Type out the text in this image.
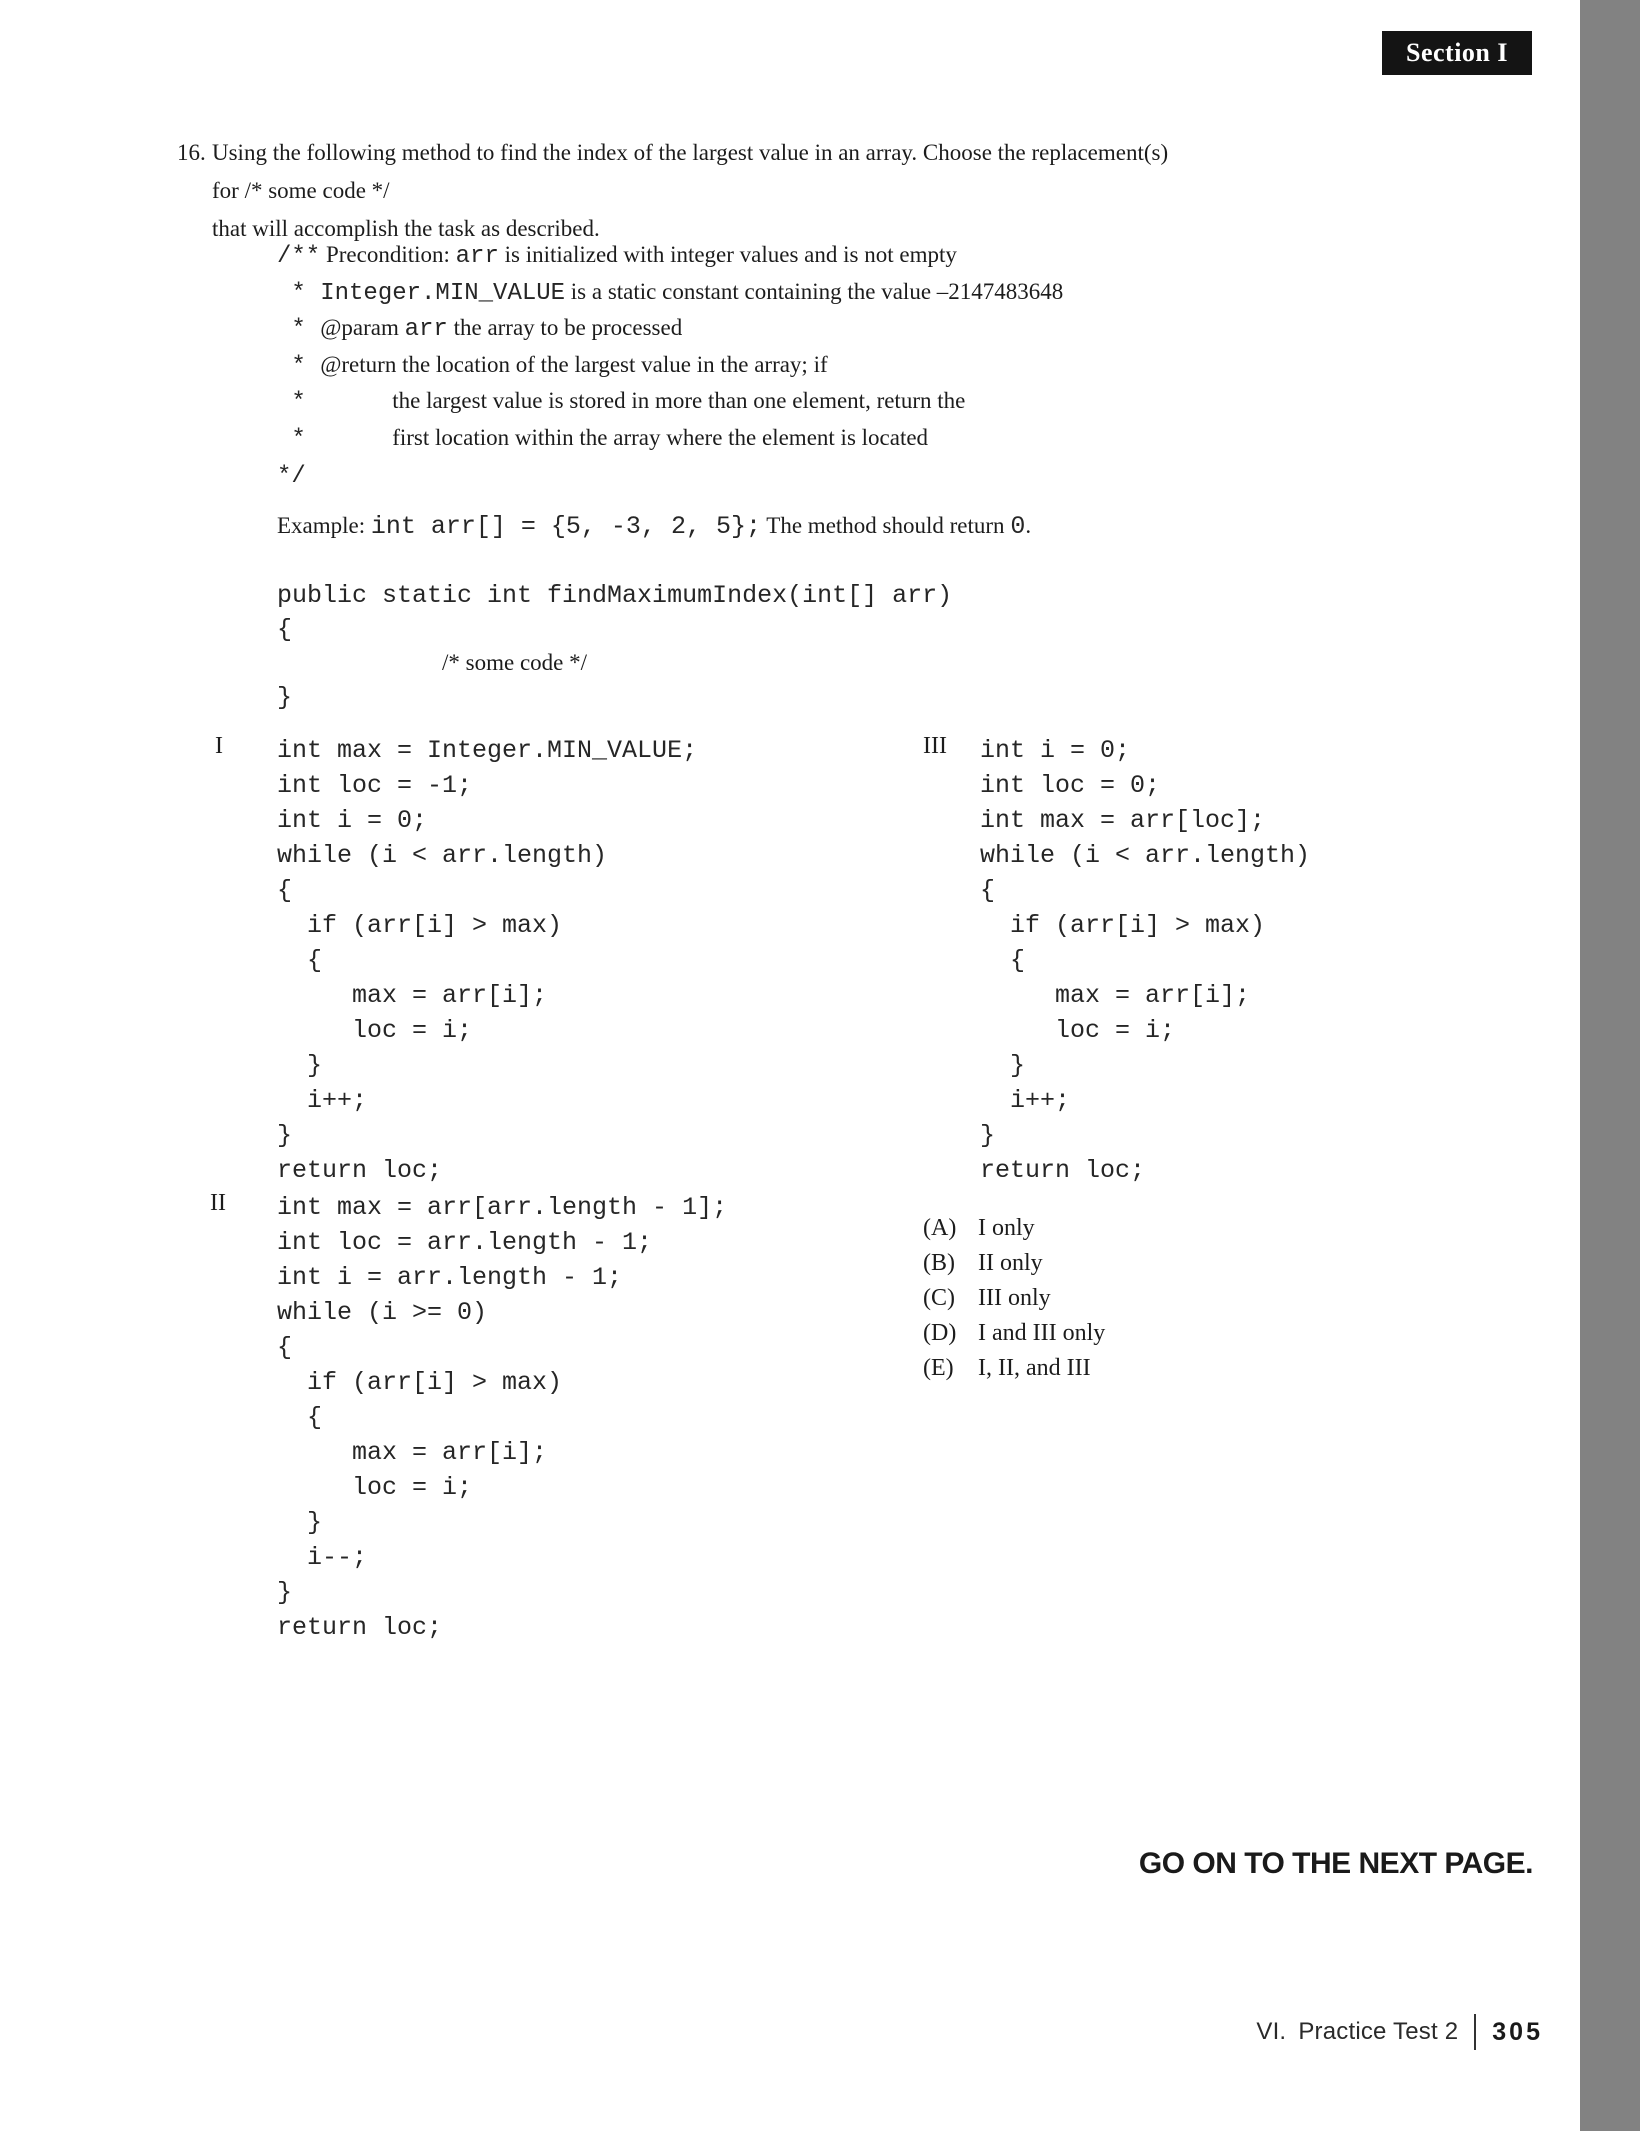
Section I
16. Using the following method to find the index of the largest value in an array. Choose the replacement(s) for /* some code */
that will accomplish the task as described.
/** Precondition: arr is initialized with integer values and is not empty
* Integer.MIN_VALUE is a static constant containing the value –2147483648
* @param arr the array to be processed
* @return the location of the largest value in the array; if
*      the largest value is stored in more than one element, return the
*      first location within the array where the element is located
*/
Example: int arr[] = {5, -3, 2, 5}; The method should return 0.
public static int findMaximumIndex(int[] arr)
{
/* some code */
}
I int max = Integer.MIN_VALUE;
int loc = -1;
int i = 0;
while (i < arr.length)
{
if (arr[i] > max)
{
max = arr[i];
loc = i;
}
i++;
}
return loc;
II int max = arr[arr.length - 1];
int loc = arr.length - 1;
int i = arr.length - 1;
while (i >= 0)
{
if (arr[i] > max)
{
max = arr[i];
loc = i;
}
i--;
}
return loc;
III int i = 0;
int loc = 0;
int max = arr[loc];
while (i < arr.length)
{
if (arr[i] > max)
{
max = arr[i];
loc = i;
}
i++;
}
return loc;
(A) I only
(B) II only
(C) III only
(D) I and III only
(E)	I, II, and III
GO ON TO THE NEXT PAGE.
VI. Practice Test 2 305
